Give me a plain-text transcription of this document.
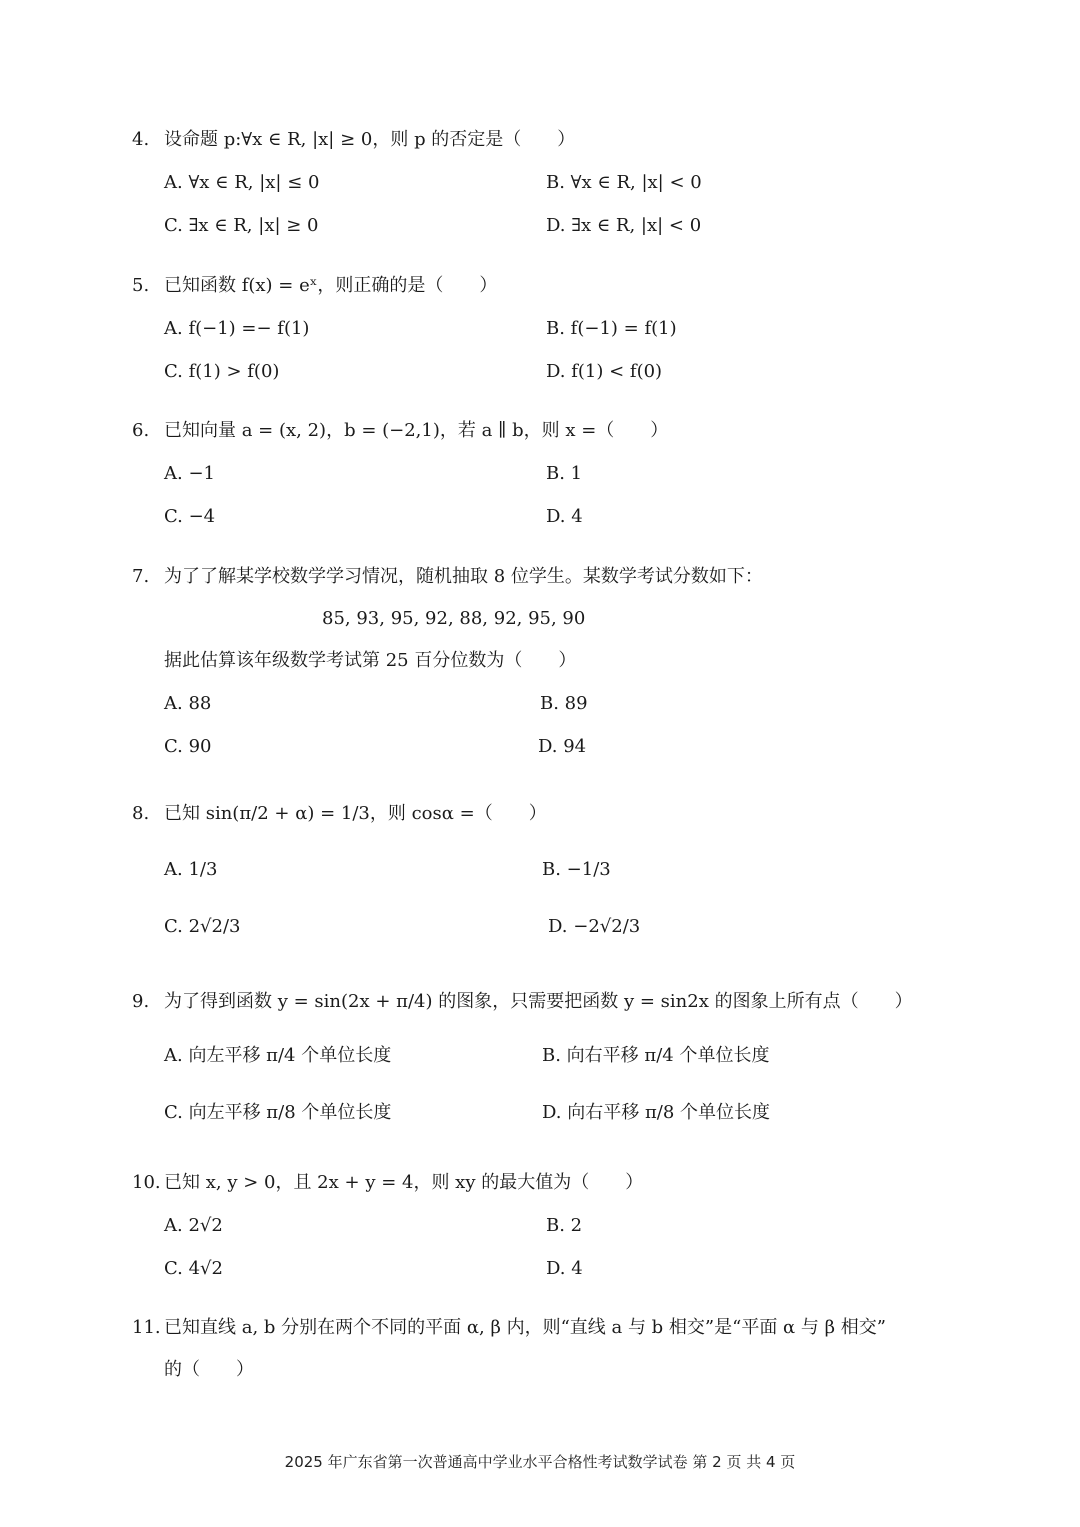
4. 设命题 p:∀x ∈ R, |x| ≥ 0，则 p 的否定是（　　）
A. ∀x ∈ R, |x| ≤ 0	B. ∀x ∈ R, |x| < 0
C. ∃x ∈ R, |x| ≥ 0	D. ∃x ∈ R, |x| < 0
5. 已知函数 f(x) = eˣ，则正确的是（　　）
A. f(−1) =− f(1)	B. f(−1) = f(1)
C. f(1) > f(0)	D. f(1) < f(0)
6. 已知向量 a = (x, 2)，b = (−2,1)，若 a ∥ b，则 x =（　　）
A. −1	B. 1
C. −4	D. 4
7. 为了了解某学校数学学习情况，随机抽取 8 位学生。某数学考试分数如下：
85, 93, 95, 92, 88, 92, 95, 90
据此估算该年级数学考试第 25 百分位数为（　　）
A. 88	B. 89
C. 90	D. 94
8. 已知 sin(π/2 + α) = 1/3，则 cosα =（　　）
A. 1/3	B. −1/3
C. 2√2/3	D. −2√2/3
9. 为了得到函数 y = sin(2x + π/4) 的图象，只需要把函数 y = sin2x 的图象上所有点（　　）
A. 向左平移 π/4 个单位长度	B. 向右平移 π/4 个单位长度
C. 向左平移 π/8 个单位长度	D. 向右平移 π/8 个单位长度
10. 已知 x, y > 0，且 2x + y = 4，则 xy 的最大值为（　　）
A. 2√2	B. 2
C. 4√2	D. 4
11. 已知直线 a, b 分别在两个不同的平面 α, β 内，则“直线 a 与 b 相交”是“平面 α 与 β 相交”
的（　　）
2025 年广东省第一次普通高中学业水平合格性考试数学试卷 第 2 页 共 4 页
